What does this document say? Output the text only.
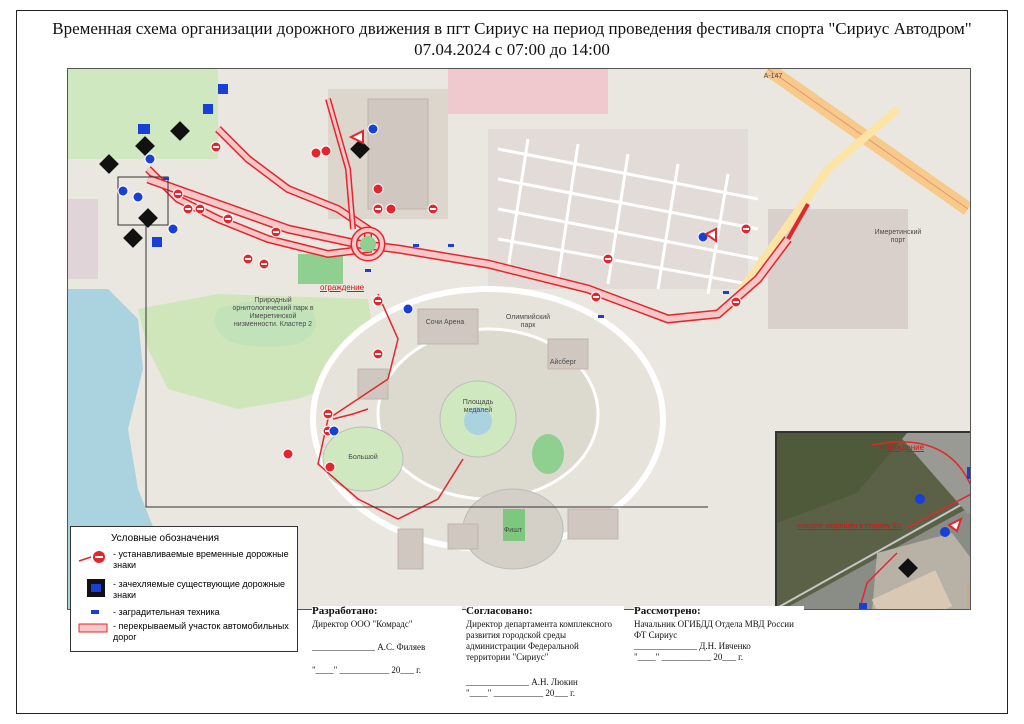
Временная схема организации дорожного движения в пгт Сириус на период проведения фестиваля спорта "Сириус Автодром"
07.04.2024 с 07:00 до 14:00
Природный орнитологический парк в Имеретинской низменности. Кластер 2	Сочи Арена
Площадь медалей
Фишт
Большой
Айсберг
Олимпийский парк
Имеретинский порт
А-147
ограждение
ограждение
поворот запрещён в сторону б/с
Условные обозначения
- устанавливаемые временные дорожные знаки
- зачехляемые существующие дорожные знаки
- заградительная техника
- перекрываемый участок автомобильных дорог
Разработано:
Директор ООО "Комрадс"
______________ А.С. Филяев
"____" ___________ 20___ г.
Согласовано:
Директор департамента комплексного развития городской среды администрации Федеральной территории "Сириус"
______________ А.Н. Люкин
"____" ___________ 20___ г.
Рассмотрено:
Начальник ОГИБДД Отдела МВД России ФТ Сириус
______________ Д.Н. Ивченко
"____" ___________ 20___ г.
